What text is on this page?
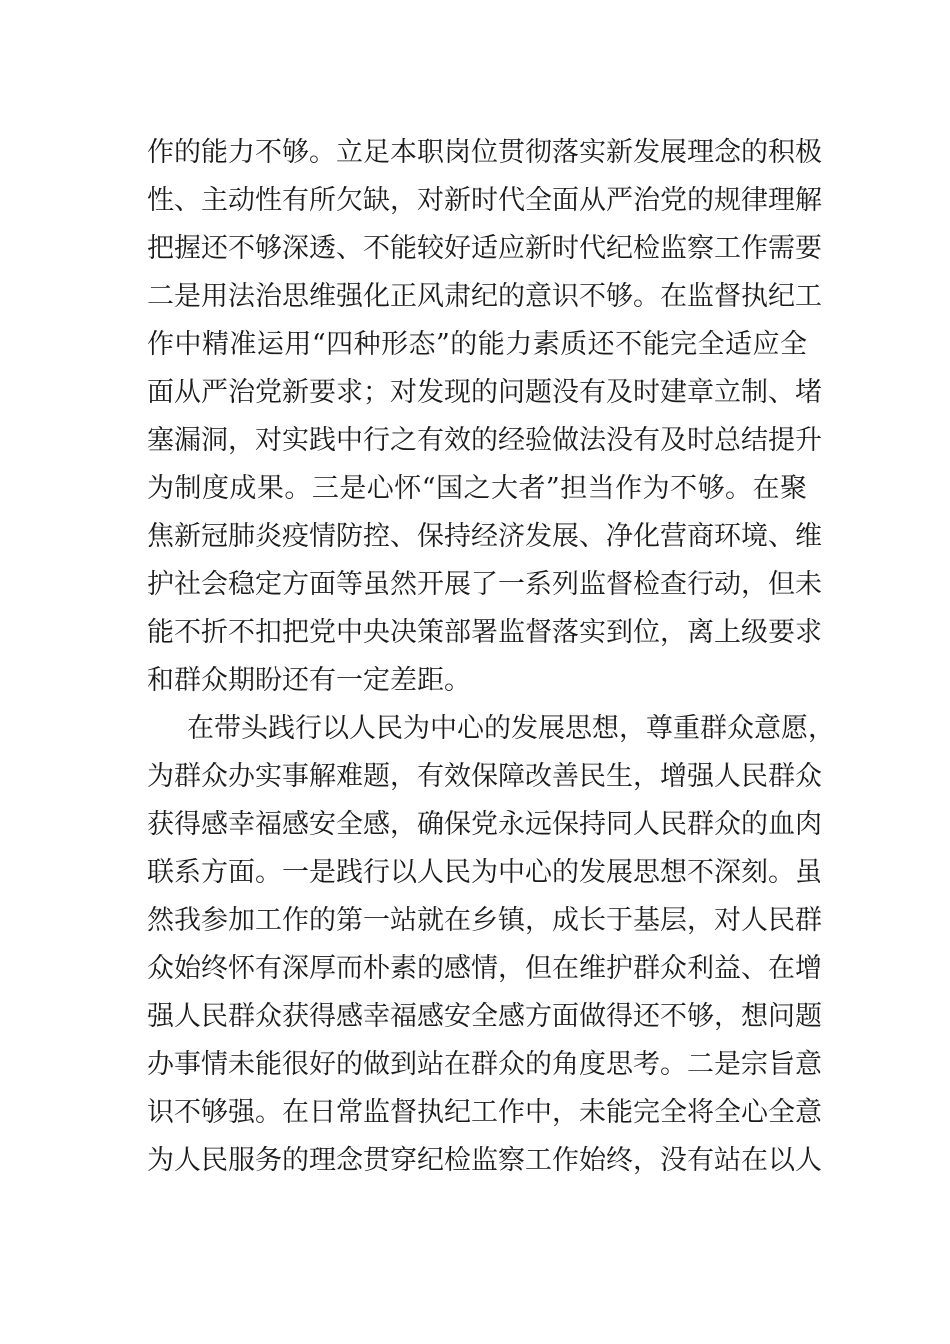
作的能力不够。立足本职岗位贯彻落实新发展理念的积极
性、主动性有所欠缺，对新时代全面从严治党的规律理解
把握还不够深透、不能较好适应新时代纪检监察工作需要
二是用法治思维强化正风肃纪的意识不够。在监督执纪工
作中精准运用“四种形态”的能力素质还不能完全适应全
面从严治党新要求；对发现的问题没有及时建章立制、堵
塞漏洞，对实践中行之有效的经验做法没有及时总结提升
为制度成果。三是心怀“国之大者”担当作为不够。在聚
焦新冠肺炎疫情防控、保持经济发展、净化营商环境、维
护社会稳定方面等虽然开展了一系列监督检查行动，但未
能不折不扣把党中央决策部署监督落实到位，离上级要求
和群众期盼还有一定差距。
在带头践行以人民为中心的发展思想，尊重群众意愿，
为群众办实事解难题，有效保障改善民生，增强人民群众
获得感幸福感安全感，确保党永远保持同人民群众的血肉
联系方面。一是践行以人民为中心的发展思想不深刻。虽
然我参加工作的第一站就在乡镇，成长于基层，对人民群
众始终怀有深厚而朴素的感情，但在维护群众利益、在增
强人民群众获得感幸福感安全感方面做得还不够，想问题
办事情未能很好的做到站在群众的角度思考。二是宗旨意
识不够强。在日常监督执纪工作中，未能完全将全心全意
为人民服务的理念贯穿纪检监察工作始终，没有站在以人
